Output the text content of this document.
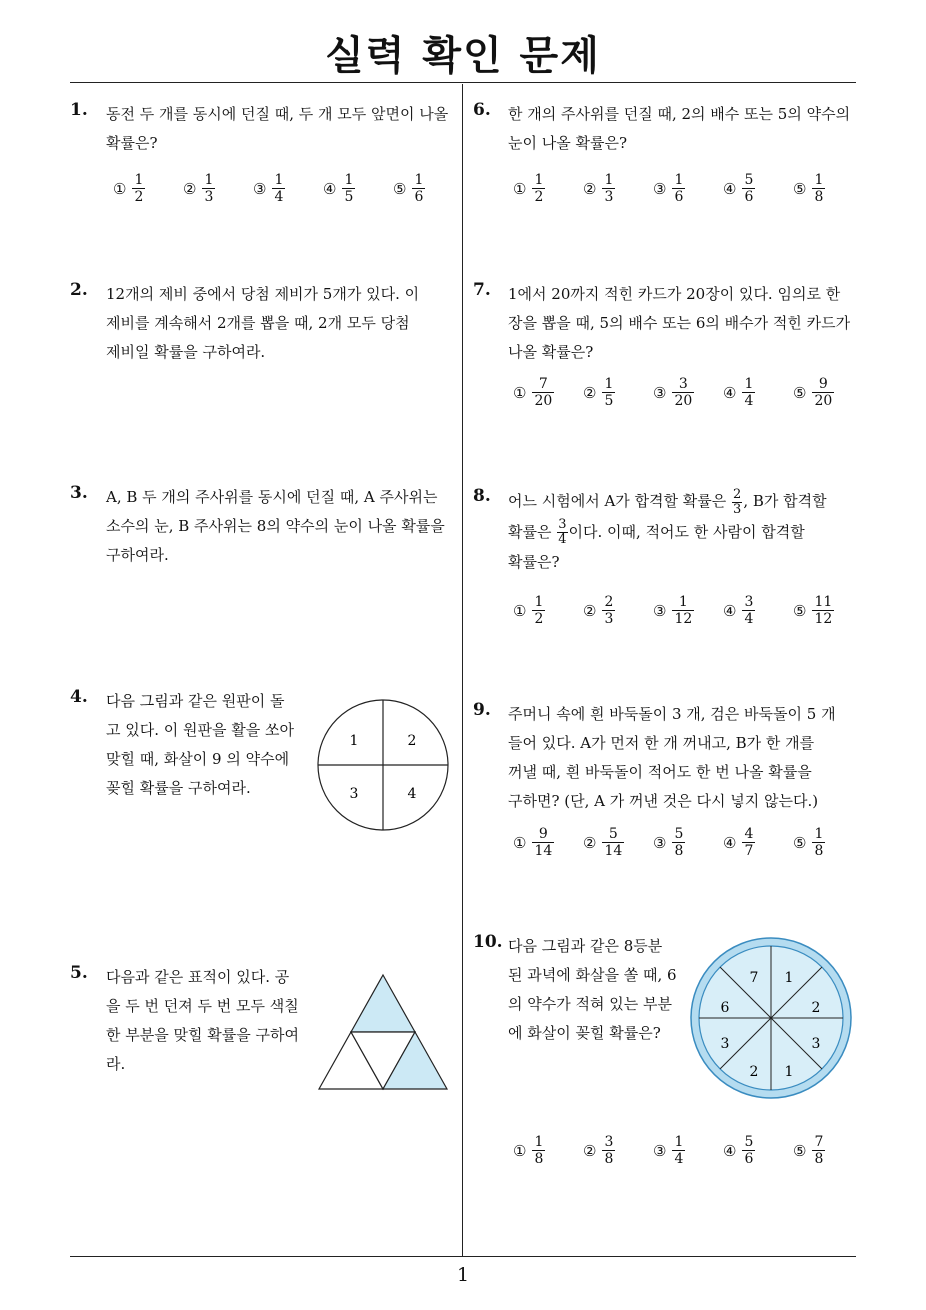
실력 확인 문제
1
1. 동전 두 개를 동시에 던질 때, 두 개 모두 앞면이 나올
확률은?

① $\frac{1}{2}$	② $\frac{1}{3}$	③ $\frac{1}{4}$	④ $\frac{1}{5}$	⑤ $\frac{1}{6}$
2. 12개의 제비 중에서 당첨 제비가 5개가 있다. 이
제비를 계속해서 2개를 뽑을 때, 2개 모두 당첨
제비일 확률을 구하여라.

3. A, B 두 개의 주사위를 동시에 던질 때, A 주사위는
소수의 눈, B 주사위는 8의 약수의 눈이 나올 확률을
구하여라.

4. 다음 그림과 같은 원판이 돌
고 있다. 이 원판을 활을 쏘아
맞힐 때, 화살이 9 의 약수에
꽂힐 확률을 구하여라.

1	2
3	4
5. 다음과 같은 표적이 있다. 공
을 두 번 던져 두 번 모두 색칠
한 부분을 맞힐 확률을 구하여
라.

6. 한 개의 주사위를 던질 때, 2의 배수 또는 5의 약수의
눈이 나올 확률은?

① $\frac{1}{2}$	② $\frac{1}{3}$	③ $\frac{1}{6}$	④ $\frac{5}{6}$	⑤ $\frac{1}{8}$
7. 1에서 20까지 적힌 카드가 20장이 있다. 임의로 한
장을 뽑을 때, 5의 배수 또는 6의 배수가 적힌 카드가
나올 확률은?

① $\frac{7}{20}$ ② $\frac{1}{5}$	③ $\frac{3}{20}$ ④ $\frac{1}{4}$	⑤ $\frac{9}{20}$
8. 어느 시험에서 A가 합격할 확률은 $\frac{2}{3}$ , B가 합격할
확률은 $\frac{3}{4}$ 이다. 이때, 적어도 한 사람이 합격할
확률은?
① $\frac{1}{2}$	② $\frac{2}{3}$	③ $\frac{1}{12}$ ④ $\frac{3}{4}$	⑤ $\frac{11}{12}$
9. 주머니 속에 흰 바둑돌이 3 개, 검은 바둑돌이 5 개
들어 있다. A가 먼저 한 개 꺼내고, B가 한 개를
꺼낼 때, 흰 바둑돌이 적어도 한 번 나올 확률을
구하면? (단, A 가 꺼낸 것은 다시 넣지 않는다.)

① $\frac{9}{14}$ ② $\frac{5}{14}$ ③ $\frac{5}{8}$	④ $\frac{4}{7}$	⑤ $\frac{1}{8}$
10. 다음 그림과 같은 8등분
된 과녁에 화살을 쏠 때, 6
의 약수가 적혀 있는 부분
에 화살이 꽂힐 확률은?

1
2
3
1
2
3
6
7
① $\frac{1}{8}$	② $\frac{3}{8}$	③ $\frac{1}{4}$	④ $\frac{5}{6}$	⑤ $\frac{7}{8}$
